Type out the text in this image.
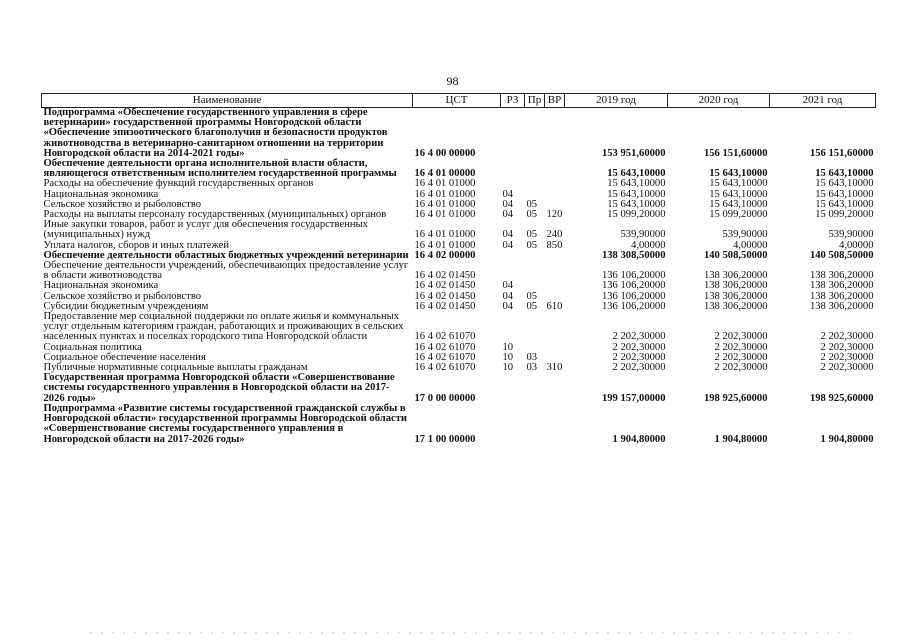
98
Наименование	ЦСТ	РЗ	Пр	ВР	2019 год	2020 год	2021 год
Подпрограмма «Обеспечение государственного управления в сфере ветеринарии» государственной программы Новгородской области «Обеспечение эпизоотического благополучия и безопасности продуктов животноводства в ветеринарно-санитарном отношении на территории Новгородской области на 2014-2021 годы»	16 4 00 00000				153 951,60000	156 151,60000	156 151,60000
Обеспечение деятельности органа исполнительной власти области, являющегося ответственным исполнителем государственной программы	16 4 01 00000				15 643,10000	15 643,10000	15 643,10000
Расходы на обеспечение функций государственных органов	16 4 01 01000				15 643,10000	15 643,10000	15 643,10000
Национальная экономика	16 4 01 01000	04			15 643,10000	15 643,10000	15 643,10000
Сельское хозяйство и рыболовство	16 4 01 01000	04	05		15 643,10000	15 643,10000	15 643,10000
Расходы на выплаты персоналу государственных (муниципальных) органов	16 4 01 01000	04	05	120	15 099,20000	15 099,20000	15 099,20000
Иные закупки товаров, работ и услуг для обеспечения государственных (муниципальных) нужд	16 4 01 01000	04	05	240	539,90000	539,90000	539,90000
Уплата налогов, сборов и иных платежей	16 4 01 01000	04	05	850	4,00000	4,00000	4,00000
Обеспечение деятельности областных бюджетных учреждений ветеринарии	16 4 02 00000				138 308,50000	140 508,50000	140 508,50000
Обеспечение деятельности учреждений, обеспечивающих предоставление услуг в области животноводства	16 4 02 01450				136 106,20000	138 306,20000	138 306,20000
Национальная экономика	16 4 02 01450	04			136 106,20000	138 306,20000	138 306,20000
Сельское хозяйство и рыболовство	16 4 02 01450	04	05		136 106,20000	138 306,20000	138 306,20000
Субсидии бюджетным учреждениям	16 4 02 01450	04	05	610	136 106,20000	138 306,20000	138 306,20000
Предоставление мер социальной поддержки по оплате жилья и коммунальных услуг отдельным категориям граждан, работающих и проживающих в сельских населенных пунктах и поселках городского типа Новгородской области	16 4 02 61070				2 202,30000	2 202,30000	2 202,30000
Социальная политика	16 4 02 61070	10			2 202,30000	2 202,30000	2 202,30000
Социальное обеспечение населения	16 4 02 61070	10	03		2 202,30000	2 202,30000	2 202,30000
Публичные нормативные социальные выплаты гражданам	16 4 02 61070	10	03	310	2 202,30000	2 202,30000	2 202,30000
Государственная программа Новгородской области «Совершенствование системы государственного управления в Новгородской области на 2017-2026 годы»	17 0 00 00000				199 157,00000	198 925,60000	198 925,60000
Подпрограмма «Развитие системы государственной гражданской службы в Новгородской области» государственной программы Новгородской области «Совершенствование системы государственного управления в Новгородской области на 2017-2026 годы»	17 1 00 00000				1 904,80000	1 904,80000	1 904,80000
